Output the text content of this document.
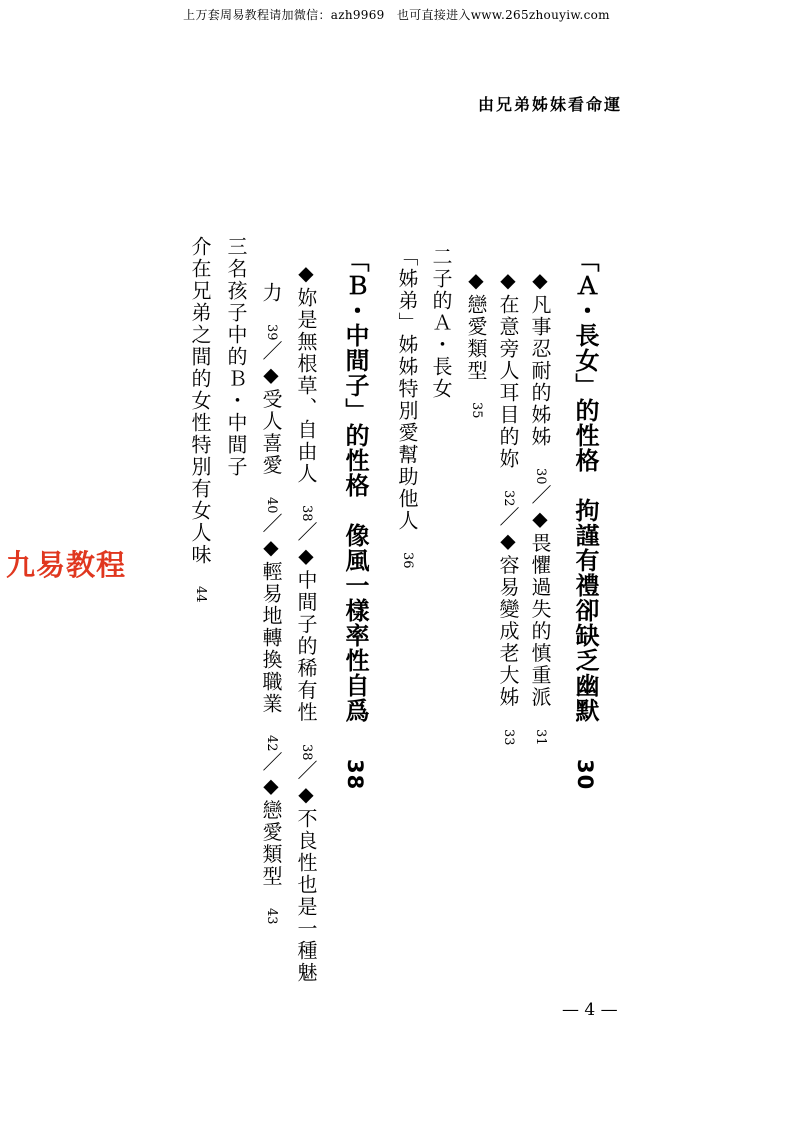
上万套周易教程请加微信：azh9969　也可直接进入www.265zhouyiw.com
由兄弟姊妹看命運
「Ａ・長女」的性格　拘謹有禮卻缺乏幽默30
◆凡事忍耐的姊姊30／◆畏懼過失的慎重派31
◆在意旁人耳目的妳32／◆容易變成老大姊33
◆戀愛類型35
二子的Ａ・長女
「姊弟」姊姊特別愛幫助他人36
「Ｂ・中間子」的性格　像風一樣率性自爲38
◆妳是無根草、自由人38／◆中間子的稀有性38／◆不良性也是一種魅
力39／◆受人喜愛40／◆輕易地轉換職業42／◆戀愛類型43
三名孩子中的Ｂ・中間子
介在兄弟之間的女性特別有女人味44
九易教程
— 4 —
